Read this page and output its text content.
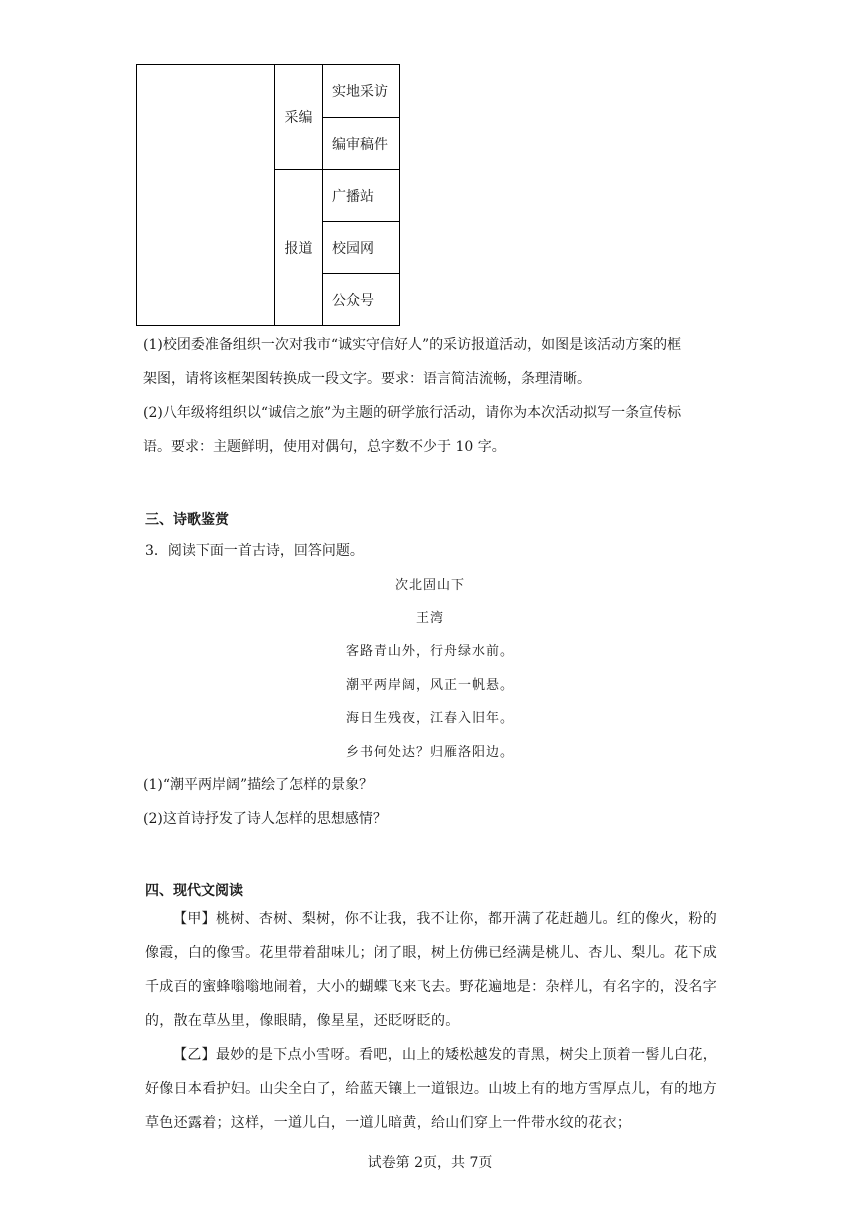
采编
报道
实地采访
编审稿件
广播站
校园网
公众号
(1)校团委准备组织一次对我市“诚实守信好人”的采访报道活动，如图是该活动方案的框
架图，请将该框架图转换成一段文字。要求：语言简洁流畅，条理清晰。
(2)八年级将组织以“诚信之旅”为主题的研学旅行活动，请你为本次活动拟写一条宣传标
语。要求：主题鲜明，使用对偶句，总字数不少于 10 字。
三、诗歌鉴赏
3．阅读下面一首古诗，回答问题。
次北固山下
王湾
客路青山外，行舟绿水前。
潮平两岸阔，风正一帆悬。
海日生残夜，江春入旧年。
乡书何处达？归雁洛阳边。
(1)“潮平两岸阔”描绘了怎样的景象？
(2)这首诗抒发了诗人怎样的思想感情？
四、现代文阅读
【甲】桃树、杏树、梨树，你不让我，我不让你，都开满了花赶趟儿。红的像火，粉的像霞，白的像雪。花里带着甜味儿；闭了眼，树上仿佛已经满是桃儿、杏儿、梨儿。花下成千成百的蜜蜂嗡嗡地闹着，大小的蝴蝶飞来飞去。野花遍地是：杂样儿，有名字的，没名字的，散在草丛里，像眼睛，像星星，还眨呀眨的。
【乙】最妙的是下点小雪呀。看吧，山上的矮松越发的青黑，树尖上顶着一髻儿白花，好像日本看护妇。山尖全白了，给蓝天镶上一道银边。山坡上有的地方雪厚点儿，有的地方草色还露着；这样，一道儿白，一道儿暗黄，给山们穿上一件带水纹的花衣；
试卷第 2页，共 7页
